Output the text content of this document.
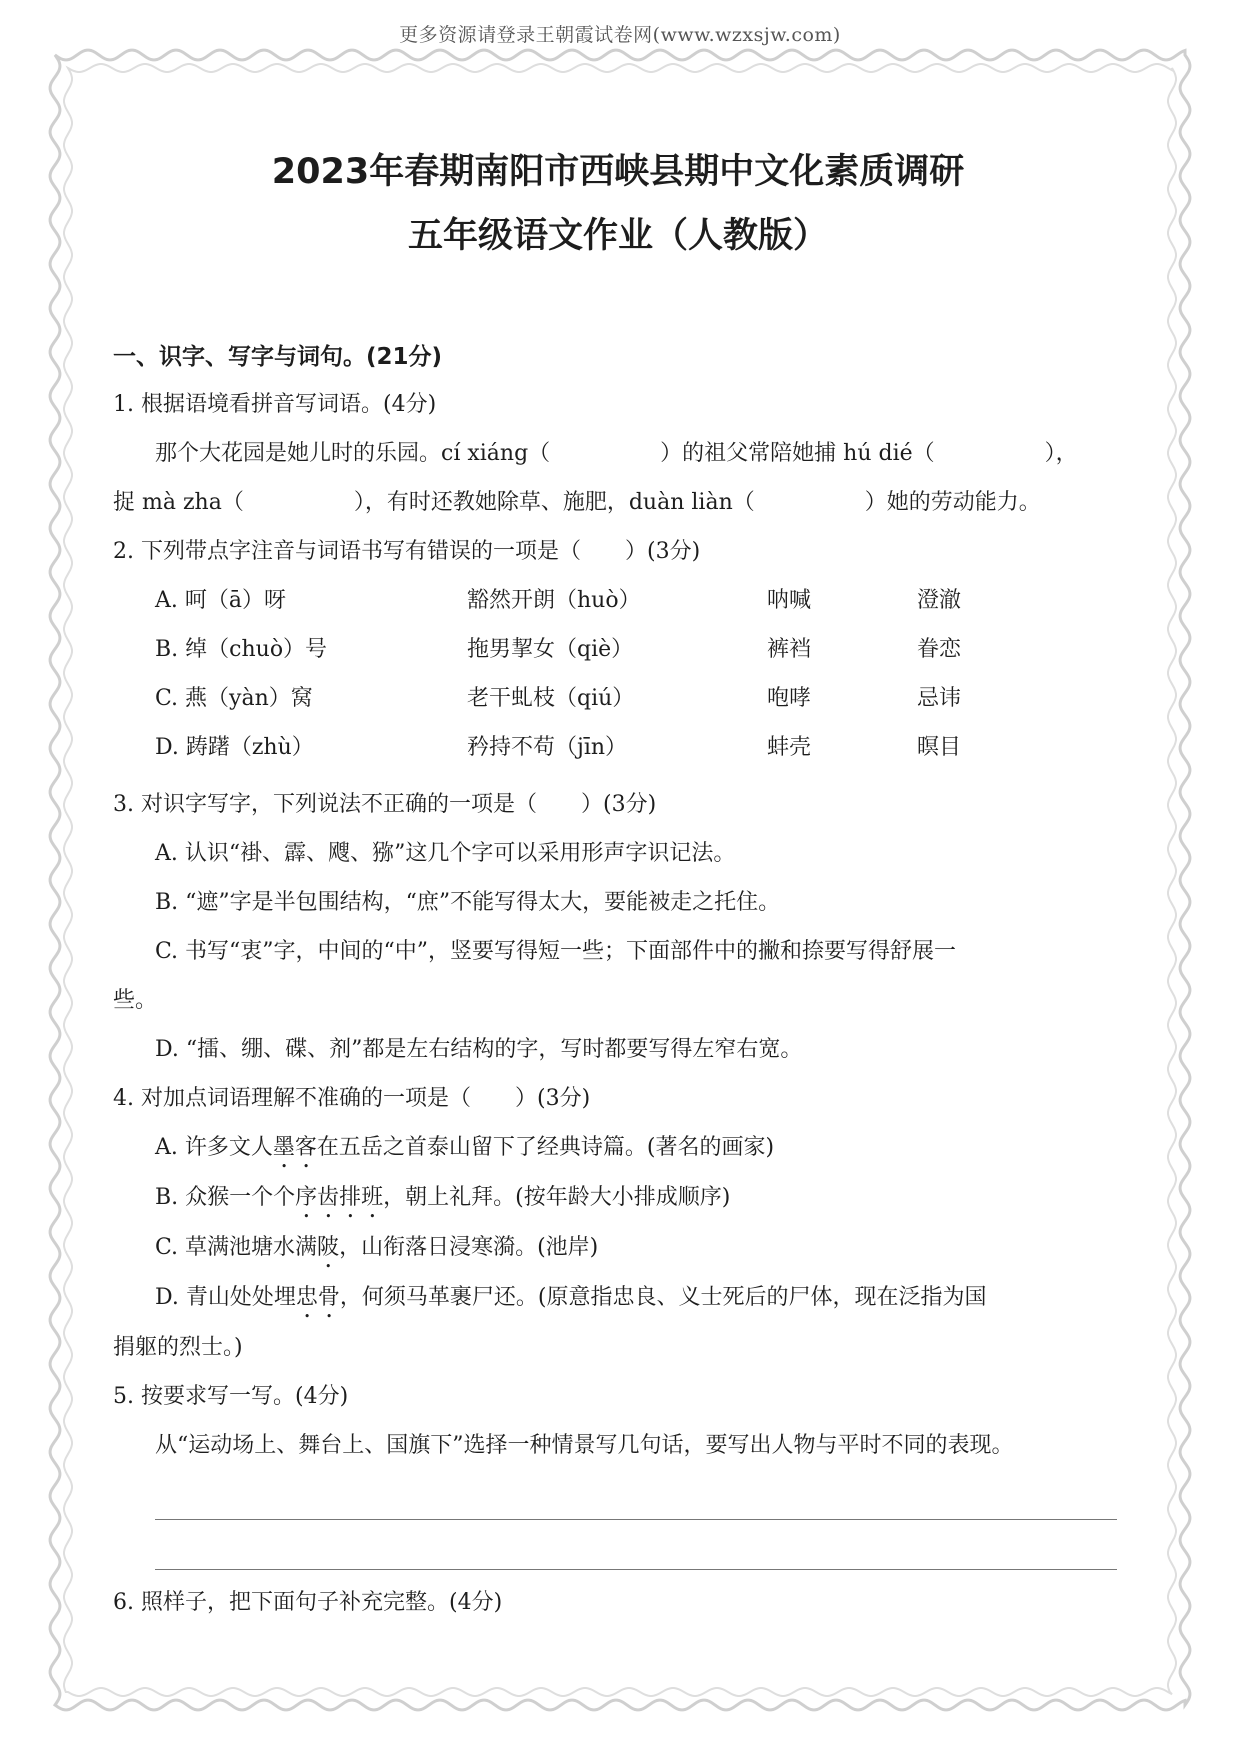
更多资源请登录王朝霞试卷网(www.wzxsjw.com)
2023年春期南阳市西峡县期中文化素质调研
五年级语文作业（人教版）

一、识字、写字与词句。(21分)

1. 根据语境看拼音写词语。(4分)

那个大花园是她儿时的乐园。cí xiáng（	）的祖父常陪她捕 hú dié（	），

捉 mà zha（	），有时还教她除草、施肥，duàn liàn（	）她的劳动能力。

2. 下列带点字注音与词语书写有错误的一项是（　　）(3分)

A. 呵（ā）呀	豁然开朗（huò）	呐喊	澄澈
B. 绰（chuò）号	拖男挈女（qiè）	裤裆	眷恋
C. 燕（yàn）窝	老干虬枝（qiú）	咆哮	忌讳
D. 踌躇（zhù）	矜持不苟（jīn）	蚌壳	暝目

3. 对识字写字，下列说法不正确的一项是（　　）(3分)

A. 认识“褂、霹、飕、猕”这几个字可以采用形声字识记法。

B. “遮”字是半包围结构，“庶”不能写得太大，要能被走之托住。

C. 书写“衷”字，中间的“中”，竖要写得短一些；下面部件中的撇和捺要写得舒展一

些。

D. “擂、绷、碟、剂”都是左右结构的字，写时都要写得左窄右宽。

4. 对加点词语理解不准确的一项是（　　）(3分)

A. 许多文人墨客在五岳之首泰山留下了经典诗篇。(著名的画家)

B. 众猴一个个序齿排班，朝上礼拜。(按年龄大小排成顺序)

C. 草满池塘水满陂，山衔落日浸寒漪。(池岸)

D. 青山处处埋忠骨，何须马革裹尸还。(原意指忠良、义士死后的尸体，现在泛指为国

捐躯的烈士。)

5. 按要求写一写。(4分)

从“运动场上、舞台上、国旗下”选择一种情景写几句话，要写出人物与平时不同的表现。

6. 照样子，把下面句子补充完整。(4分)
